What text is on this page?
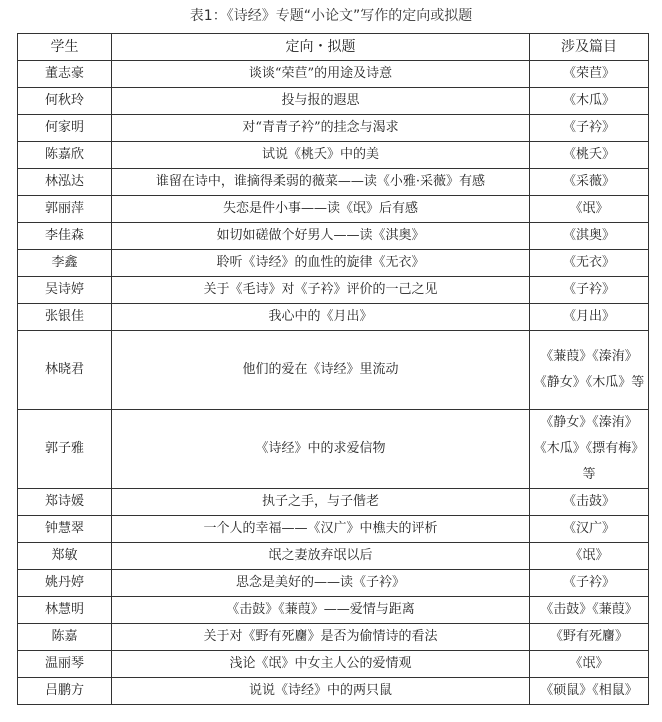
表1：《诗经》专题“小论文”写作的定向或拟题
学生	定向・拟题	涉及篇目
董志豪	谈谈“荣苣”的用途及诗意	《荣苣》
何秋玲	投与报的遐思	《木瓜》
何家明	对“青青子衿”的挂念与渴求	《子衿》
陈嘉欣	试说《桃夭》中的美	《桃夭》
林泓达	谁留在诗中，谁摘得柔弱的薇菜——读《小雅·采薇》有感	《采薇》
郭丽萍	失恋是件小事——读《氓》后有感	《氓》
李佳森	如切如磋做个好男人——读《淇奥》	《淇奥》
李鑫	聆听《诗经》的血性的旋律《无衣》	《无衣》
吴诗婷	关于《毛诗》对《子衿》评价的一己之见	《子衿》
张银佳	我心中的《月出》	《月出》
林晓君	他们的爱在《诗经》里流动	《蒹葭》《溱洧》《静女》《木瓜》等
郭子雅	《诗经》中的求爱信物	《静女》《溱洧》《木瓜》《摽有梅》等
郑诗媛	执子之手，与子偕老	《击鼓》
钟慧翠	一个人的幸福——《汉广》中樵夫的评析	《汉广》
郑敏	氓之妻放弃氓以后	《氓》
姚丹婷	思念是美好的——读《子衿》	《子衿》
林慧明	《击鼓》《蒹葭》——爱情与距离	《击鼓》《蒹葭》
陈嘉	关于对《野有死麕》是否为偷情诗的看法	《野有死麕》
温丽琴	浅论《氓》中女主人公的爱情观	《氓》
吕鹏方	说说《诗经》中的两只鼠	《硕鼠》《相鼠》
